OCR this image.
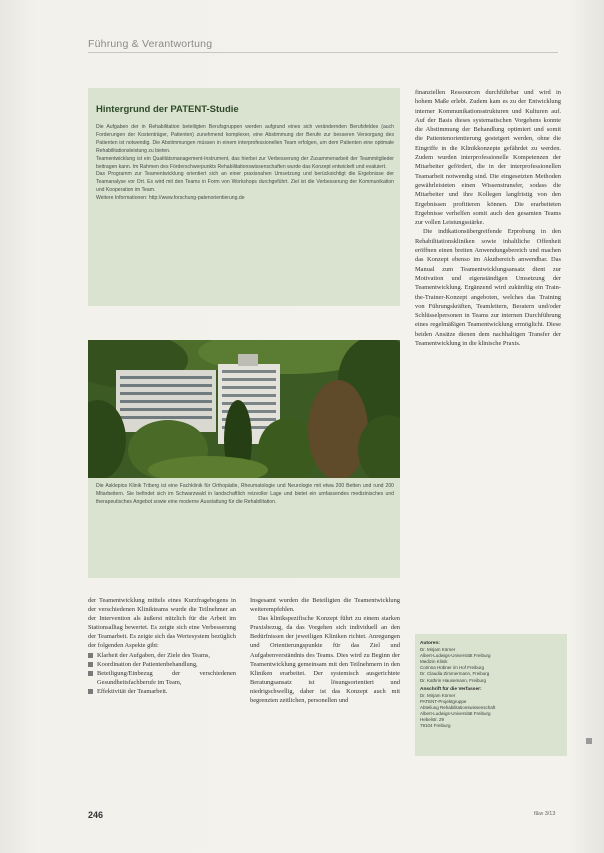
Führung & Verantwortung
Hintergrund der PATENT-Studie

Die Aufgaben der in Rehabilitation beteiligten Berufsgruppen werden aufgrund eines sich verändernden Berufsfeldes (auch Forderungen der Kostenträger, Patienten) zunehmend komplexer, eine Abstimmung der Berufe zur besseren Versorgung des Patienten ist notwendig. Die Abstimmungen müssen in einem interprofessionellen Team erfolgen, um dem Patienten eine optimale Rehabilitationsleistung zu bieten.

Teamentwicklung ist ein Qualitätsmanagement-Instrument, das hierbei zur Verbesserung der Zusammenarbeit der Teammitglieder beitragen kann. Im Rahmen des Förderschwerpunkts Rehabilitationswissenschaften wurde das Konzept entwickelt und evaluiert.

Das Programm zur Teamentwicklung orientiert sich an einer praxisnahen Umsetzung und berücksichtigt die Ergebnisse der Teamanalyse vor Ort. Es wird mit den Teams in Form von Workshops durchgeführt. Ziel ist die Verbesserung der Kommunikation und Kooperation im Team.

Weitere Informationen: http://www.forschung-patenorientierung.de

Die Asklepios Klinik Triberg ist eine Fachklinik für Orthopädie, Rheumatologie und Neurologie mit etwa 200 Betten und rund 200 Mitarbeitern. Sie befindet sich im Schwarzwald in landschaftlich reizvoller Lage und bietet ein umfassendes medizinisches und therapeutisches Angebot sowie eine moderne Ausstattung für die Rehabilitation.

finanziellen Ressourcen durchführbar und wird in hohem Maße erlebt. Zudem kam es zu der Entwicklung interner Kommunikationsstrukturen und Kulturen auf. Auf der Basis dieses systematischen Vorgehens konnte die Abstimmung der Behandlung optimiert und somit die Patientenorientierung gesteigert werden, ohne die Eingriffe in die Klinikkonzepte gefährdet zu werden. Zudem wurden interprofessionelle Kompetenzen der Mitarbeiter gefördert, die in der interprofessionellen Teamarbeit notwendig sind. Die eingesetzten Methoden gewährleisteten einen Wissenstransfer, sodass die Mitarbeiter und ihre Kollegen langfristig von den Ergebnissen profitieren können. Die erarbeiteten Ergebnisse verhelfen somit auch den gesamten Teams zur vollen Leistungsstärke.

Die indikationsübergreifende Erprobung in den Rehabilitationskliniken sowie inhaltliche Offenheit eröffnen einen breiten Anwendungsbereich und machen das Konzept ebenso im Akutbereich anwendbar. Das Manual zum Teamentwicklungsansatz dient zur Motivation und eigenständigen Umsetzung der Teamentwicklung. Ergänzend wird zukünftig ein Train-the-Trainer-Konzept angeboten, welches das Training von Führungskräften, Teamleitern, Beratern und/oder Schlüsselpersonen in Teams zur internen Durchführung eines regelmäßigen Teamentwicklung ermöglicht. Diese beiden Ansätze dienen dem nachhaltigen Transfer der Teamentwicklung in die klinische Praxis.

der Teamentwicklung mittels eines Kurzfragebogens in der verschiedenen Klinikteams wurde die Teilnehmer an der Intervention als äußerst nützlich für die Arbeit im Stationsalltag bewertet. Es zeigte sich eine Verbesserung der Teamarbeit. Es zeigte sich das Wertesystem bezüglich der folgenden Aspekte gibt:

Klarheit der Aufgaben, der Ziele des Teams,
Koordination der Patientenbehandlung,
Beteiligung/Einbezug der verschiedenen Gesundheitsfachberufe im Team,
Effektivität der Teamarbeit.

Insgesamt wurden die Beteiligten die Teamentwicklung weiterempfehlen.

Das klinikspezifische Konzept führt zu einem starken Praxisbezug, da das Vorgehen sich individuell an den Bedürfnissen der jeweiligen Kliniken richtet. Anregungen und Orientierungspunkte für das Ziel und Aufgabenverständnis des Teams. Dies wird zu Beginn der Teamentwicklung gemeinsam mit den Teilnehmern in den Kliniken erarbeitet. Der systemisch ausgerichtete Beratungsansatz ist lösungsorientiert und niedrigschwellig, daher ist das Konzept auch mit begrenzten zeitlichen, personellen und

Autoren:
Dr. Mirjam Körner
Albert-Ludwigs-Universität Freiburg
Medizin Klinik
Corinna Hübner im Hof Freiburg
Dr. Claudia Zimmermann, Freiburg
Dr. Kathrin Hausemann, Freiburg
Anschrift für die Verfasser:
Dr. Mirjam Körner
PATENT-Projektgruppe
Abteilung Rehabilitationswissenschaft
Albert-Ludwigs-Universität Freiburg
Hebelstr. 29
79104 Freiburg
246	f&w 3/13
